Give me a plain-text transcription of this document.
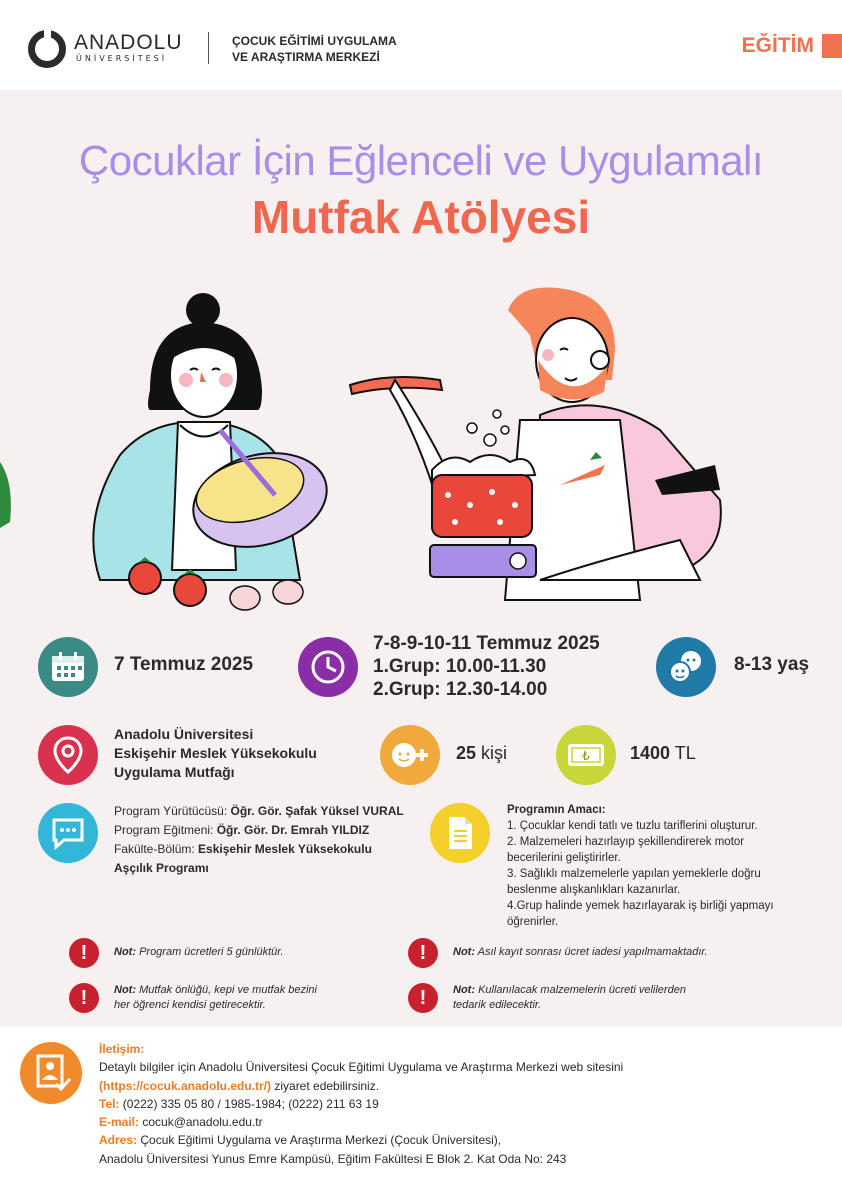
ANADOLU
ÜNİVERSİTESİ
ÇOCUK EĞİTİMİ UYGULAMA
VE ARAŞTIRMA MERKEZİ	EĞİTİM
Çocuklar İçin Eğlenceli ve Uygulamalı
Mutfak Atölyesi
7 Temmuz 2025
7-8-9-10-11 Temmuz 2025
1.Grup: 10.00-11.30
2.Grup: 12.30-14.00
8-13 yaş
Anadolu Üniversitesi
Eskişehir Meslek Yüksekokulu
Uygulama Mutfağı
25 kişi	₺ 1400 TL
Program Yürütücüsü: Öğr. Gör. Şafak Yüksel VURAL
Program Eğitmeni: Öğr. Gör. Dr. Emrah YILDIZ
Fakülte-Bölüm: Eskişehir Meslek Yüksekokulu
Aşçılık Programı
Programın Amacı:
1. Çocuklar kendi tatlı ve tuzlu tariflerini oluşturur.
2. Malzemeleri hazırlayıp şekillendirerek motor
becerilerini geliştirirler.
3. Sağlıklı malzemelerle yapılan yemeklerle doğru
beslenme alışkanlıkları kazanırlar.
4.Grup halinde yemek hazırlayarak iş birliği yapmayı
öğrenirler.
!	Not: Program ücretleri 5 günlüktür.	!	Not: Asıl kayıt sonrası ücret iadesi yapılmamaktadır.
!	Not: Mutfak önlüğü, kepi ve mutfak bezini
her öğrenci kendisi getirecektir.	!	Not: Kullanılacak malzemelerin ücreti velilerden
tedarik edilecektir.
İletişim:
Detaylı bilgiler için Anadolu Üniversitesi Çocuk Eğitimi Uygulama ve Araştırma Merkezi web sitesini
(https://cocuk.anadolu.edu.tr/) ziyaret edebilirsiniz.
Tel: (0222) 335 05 80 / 1985-1984; (0222) 211 63 19
E-mail: cocuk@anadolu.edu.tr
Adres: Çocuk Eğitimi Uygulama ve Araştırma Merkezi (Çocuk Üniversitesi),
Anadolu Üniversitesi Yunus Emre Kampüsü, Eğitim Fakültesi E Blok 2. Kat Oda No: 243
